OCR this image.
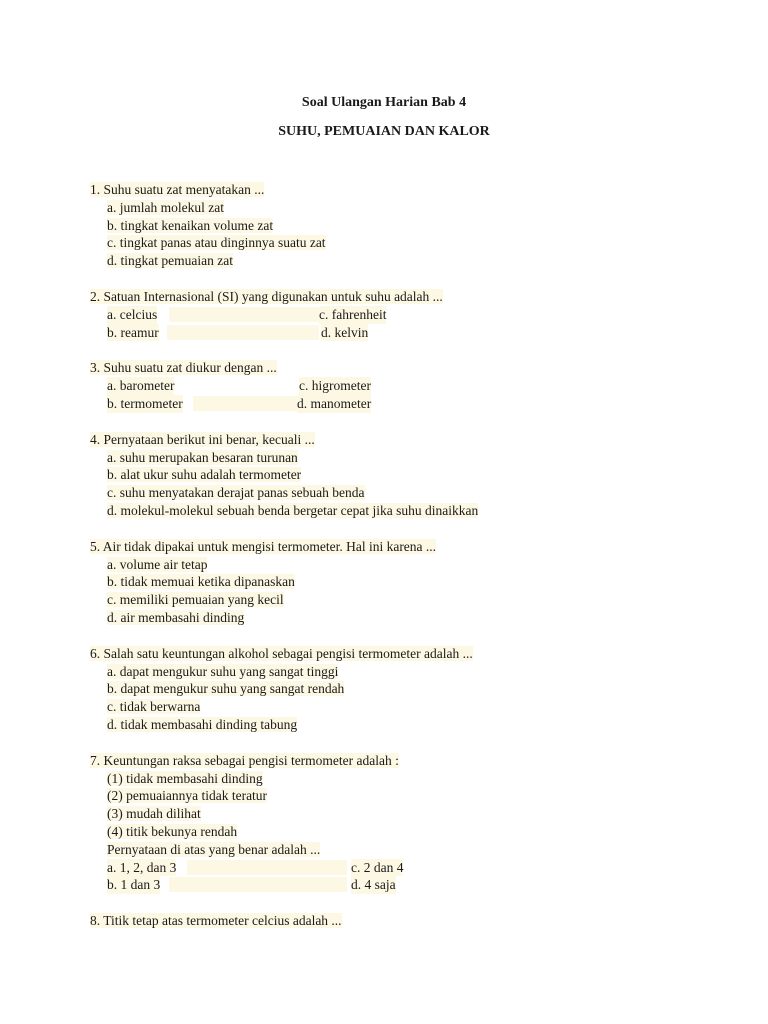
Soal Ulangan Harian Bab 4
SUHU, PEMUAIAN DAN KALOR
1. Suhu suatu zat menyatakan ...
a. jumlah molekul zat
b. tingkat kenaikan volume zat
c. tingkat panas atau dinginnya suatu zat
d. tingkat pemuaian zat
2. Satuan Internasional (SI) yang digunakan untuk suhu adalah ...
a. celcius	c. fahrenheit
b. reamur	d. kelvin
3. Suhu suatu zat diukur dengan ...
a. barometer	c. higrometer
b. termometer	d. manometer
4. Pernyataan berikut ini benar, kecuali ...
a. suhu merupakan besaran turunan
b. alat ukur suhu adalah termometer
c. suhu menyatakan derajat panas sebuah benda
d. molekul-molekul sebuah benda bergetar cepat jika suhu dinaikkan
5. Air tidak dipakai untuk mengisi termometer. Hal ini karena ...
a. volume air tetap
b. tidak memuai ketika dipanaskan
c. memiliki pemuaian yang kecil
d. air membasahi dinding
6. Salah satu keuntungan alkohol sebagai pengisi termometer adalah ...
a. dapat mengukur suhu yang sangat tinggi
b. dapat mengukur suhu yang sangat rendah
c. tidak berwarna
d. tidak membasahi dinding tabung
7. Keuntungan raksa sebagai pengisi termometer adalah :
(1) tidak membasahi dinding
(2) pemuaiannya tidak teratur
(3) mudah dilihat
(4) titik bekunya rendah
Pernyataan di atas yang benar adalah ...
a. 1, 2, dan 3	c. 2 dan 4
b. 1 dan 3	d. 4 saja
8. Titik tetap atas termometer celcius adalah ...
